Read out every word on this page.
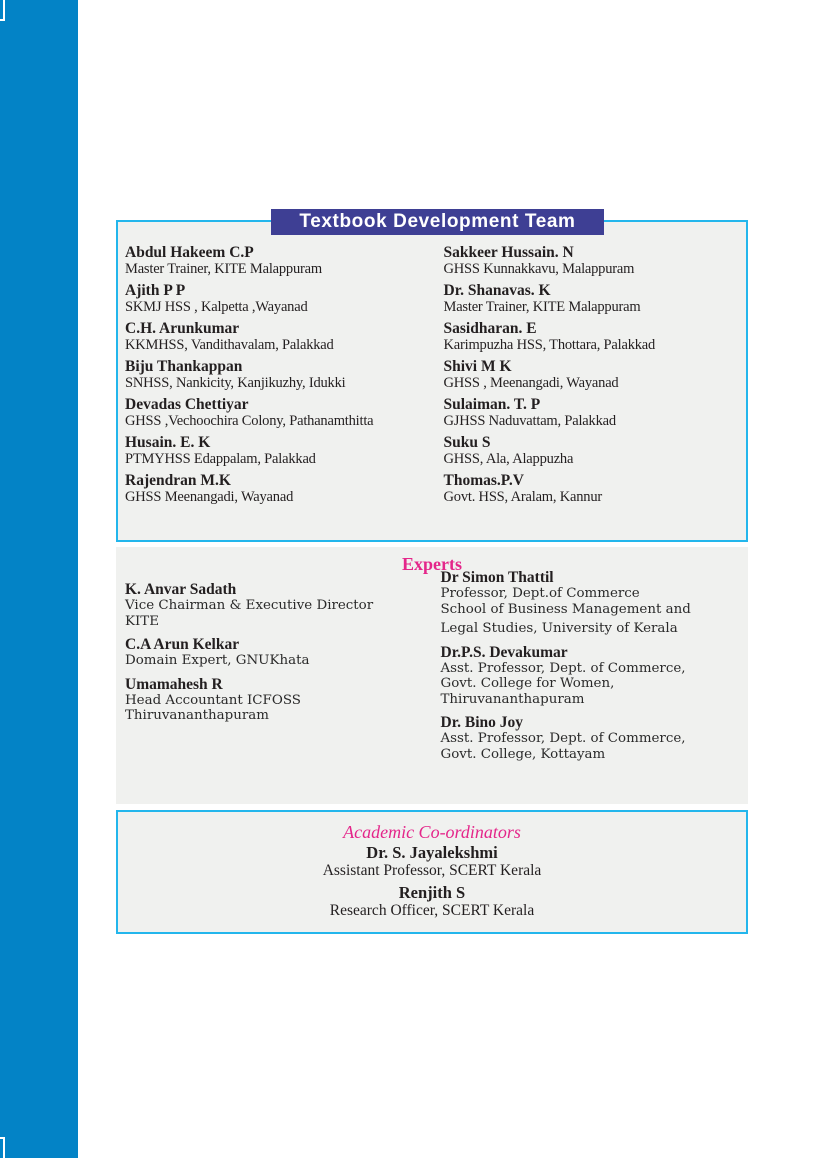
Textbook Development Team
Abdul Hakeem C.P
Master Trainer, KITE Malappuram
Ajith P P
SKMJ HSS , Kalpetta ,Wayanad
C.H. Arunkumar
KKMHSS, Vandithavalam, Palakkad
Biju Thankappan
SNHSS, Nankicity, Kanjikuzhy, Idukki
Devadas Chettiyar
GHSS ,Vechoochira Colony, Pathanamthitta
Husain. E. K
PTMYHSS Edappalam, Palakkad
Rajendran M.K
GHSS Meenangadi, Wayanad
Sakkeer Hussain. N
GHSS Kunnakkavu, Malappuram
Dr. Shanavas. K
Master Trainer, KITE Malappuram
Sasidharan. E
Karimpuzha HSS, Thottara, Palakkad
Shivi M K
GHSS , Meenangadi, Wayanad
Sulaiman. T. P
GJHSS Naduvattam, Palakkad
Suku S
GHSS, Ala, Alappuzha
Thomas.P.V
Govt. HSS, Aralam, Kannur
Experts
K. Anvar Sadath
Vice Chairman & Executive Director
KITE
C.A Arun Kelkar
Domain Expert, GNUKhata
Umamahesh R
Head Accountant ICFOSS
Thiruvananthapuram
Dr Simon Thattil
Professor, Dept.of Commerce
School of Business Management and
Legal Studies, University of Kerala
Dr.P.S. Devakumar
Asst. Professor, Dept. of Commerce,
Govt. College for Women,
Thiruvananthapuram
Dr. Bino Joy
Asst. Professor, Dept. of Commerce,
Govt. College, Kottayam
Academic Co-ordinators
Dr. S. Jayalekshmi
Assistant Professor, SCERT Kerala
Renjith S
Research Officer, SCERT Kerala
